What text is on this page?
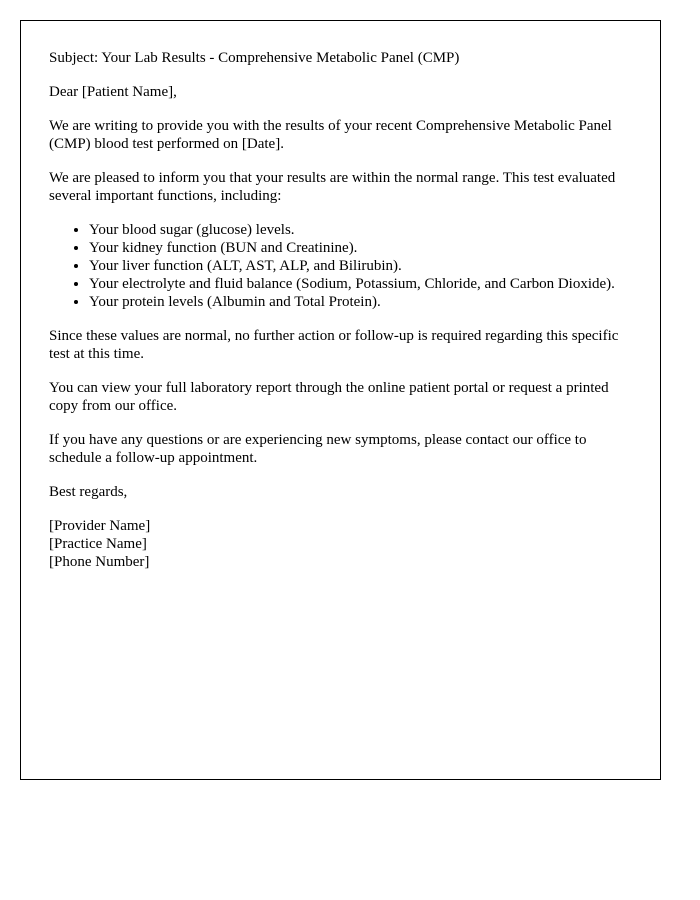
Subject: Your Lab Results - Comprehensive Metabolic Panel (CMP)

Dear [Patient Name],

We are writing to provide you with the results of your recent Comprehensive Metabolic Panel (CMP) blood test performed on [Date].

We are pleased to inform you that your results are within the normal range. This test evaluated several important functions, including:

• Your blood sugar (glucose) levels.
• Your kidney function (BUN and Creatinine).
• Your liver function (ALT, AST, ALP, and Bilirubin).
• Your electrolyte and fluid balance (Sodium, Potassium, Chloride, and Carbon Dioxide).
• Your protein levels (Albumin and Total Protein).

Since these values are normal, no further action or follow-up is required regarding this specific test at this time.

You can view your full laboratory report through the online patient portal or request a printed copy from our office.

If you have any questions or are experiencing new symptoms, please contact our office to schedule a follow-up appointment.

Best regards,

[Provider Name]
[Practice Name]
[Phone Number]
